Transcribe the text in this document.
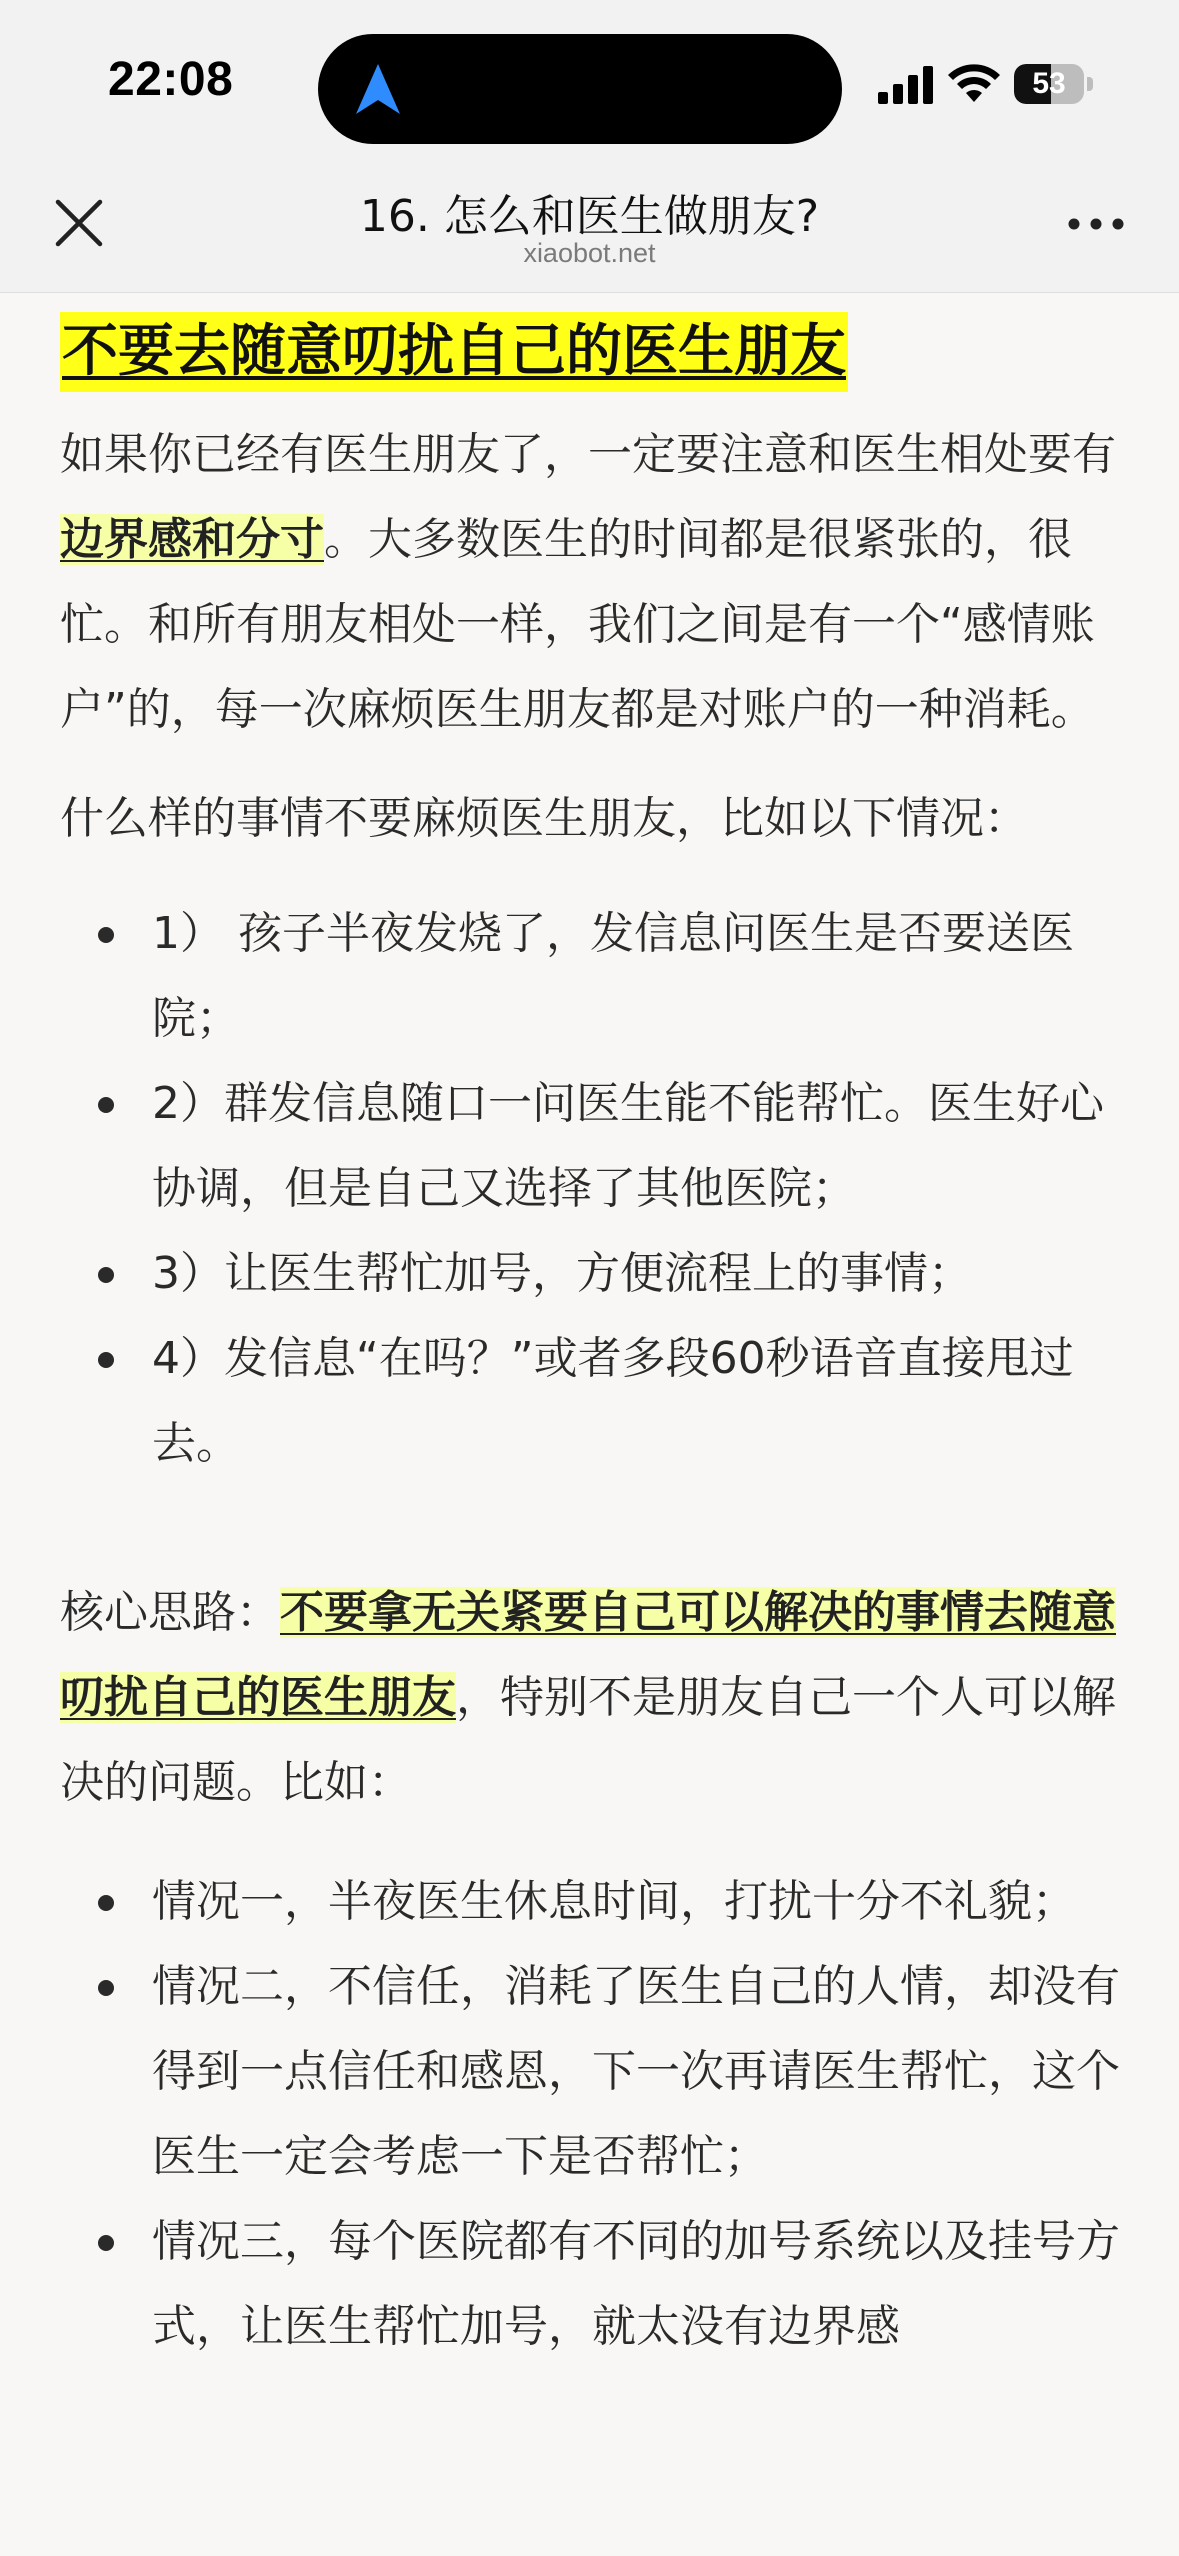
22:08	53
16. 怎么和医生做朋友?
xiaobot.net
不要去随意叨扰自己的医生朋友

如果你已经有医生朋友了，一定要注意和医生相处要有边界感和分寸。大多数医生的时间都是很紧张的，很忙。和所有朋友相处一样，我们之间是有一个“感情账户”的，每一次麻烦医生朋友都是对账户的一种消耗。

什么样的事情不要麻烦医生朋友，比如以下情况：

1） 孩子半夜发烧了，发信息问医生是否要送医院；
2）群发信息随口一问医生能不能帮忙。医生好心协调，但是自己又选择了其他医院；
3）让医生帮忙加号，方便流程上的事情；
4）发信息“在吗？”或者多段60秒语音直接甩过去。

核心思路：不要拿无关紧要自己可以解决的事情去随意叨扰自己的医生朋友，特别不是朋友自己一个人可以解决的问题。比如：

情况一，半夜医生休息时间，打扰十分不礼貌；
情况二，不信任，消耗了医生自己的人情，却没有得到一点信任和感恩，下一次再请医生帮忙，这个医生一定会考虑一下是否帮忙；
情况三，每个医院都有不同的加号系统以及挂号方式，让医生帮忙加号，就太没有边界感
